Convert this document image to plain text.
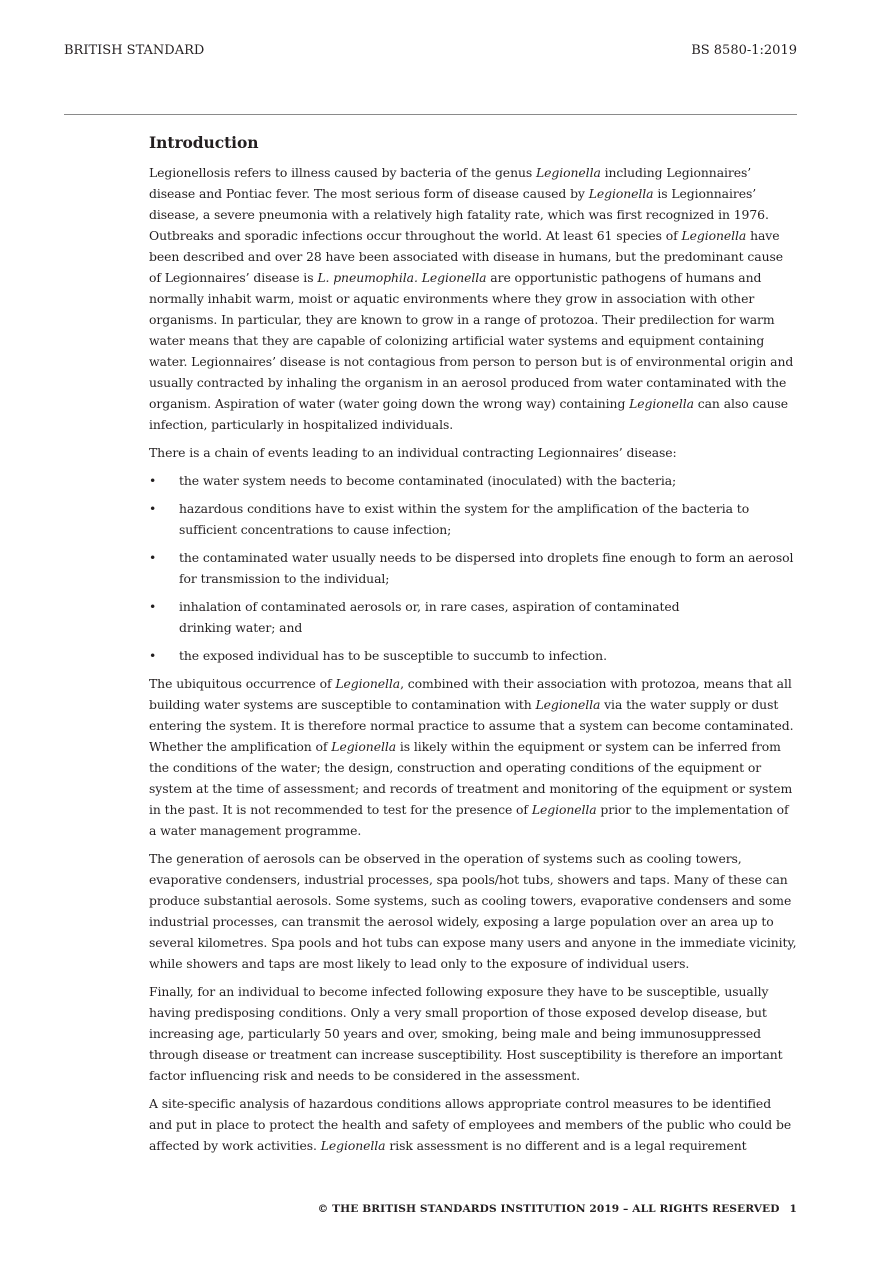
BRITISH STANDARD	BS 8580-1:2019
Introduction

Legionellosis refers to illness caused by bacteria of the genus Legionella including Legionnaires’ disease and Pontiac fever. The most serious form of disease caused by Legionella is Legionnaires’ disease, a severe pneumonia with a relatively high fatality rate, which was first recognized in 1976. Outbreaks and sporadic infections occur throughout the world. At least 61 species of Legionella have been described and over 28 have been associated with disease in humans, but the predominant cause of Legionnaires’ disease is L. pneumophila. Legionella are opportunistic pathogens of humans and normally inhabit warm, moist or aquatic environments where they grow in association with other organisms. In particular, they are known to grow in a range of protozoa. Their predilection for warm water means that they are capable of colonizing artificial water systems and equipment containing water. Legionnaires’ disease is not contagious from person to person but is of environmental origin and usually contracted by inhaling the organism in an aerosol produced from water contaminated with the organism. Aspiration of water (water going down the wrong way) containing Legionella can also cause infection, particularly in hospitalized individuals.

There is a chain of events leading to an individual contracting Legionnaires’ disease:

• the water system needs to become contaminated (inoculated) with the bacteria;
• hazardous conditions have to exist within the system for the amplification of the bacteria to sufficient concentrations to cause infection;
• the contaminated water usually needs to be dispersed into droplets fine enough to form an aerosol for transmission to the individual;
• inhalation of contaminated aerosols or, in rare cases, aspiration of contaminated
drinking water; and
• the exposed individual has to be susceptible to succumb to infection.

The ubiquitous occurrence of Legionella, combined with their association with protozoa, means that all building water systems are susceptible to contamination with Legionella via the water supply or dust entering the system. It is therefore normal practice to assume that a system can become contaminated. Whether the amplification of Legionella is likely within the equipment or system can be inferred from the conditions of the water; the design, construction and operating conditions of the equipment or system at the time of assessment; and records of treatment and monitoring of the equipment or system in the past. It is not recommended to test for the presence of Legionella prior to the implementation of a water management programme.

The generation of aerosols can be observed in the operation of systems such as cooling towers, evaporative condensers, industrial processes, spa pools/hot tubs, showers and taps. Many of these can produce substantial aerosols. Some systems, such as cooling towers, evaporative condensers and some industrial processes, can transmit the aerosol widely, exposing a large population over an area up to several kilometres. Spa pools and hot tubs can expose many users and anyone in the immediate vicinity, while showers and taps are most likely to lead only to the exposure of individual users.

Finally, for an individual to become infected following exposure they have to be susceptible, usually having predisposing conditions. Only a very small proportion of those exposed develop disease, but increasing age, particularly 50 years and over, smoking, being male and being immunosuppressed through disease or treatment can increase susceptibility. Host susceptibility is therefore an important factor influencing risk and needs to be considered in the assessment.

A site-specific analysis of hazardous conditions allows appropriate control measures to be identified and put in place to protect the health and safety of employees and members of the public who could be affected by work activities. Legionella risk assessment is no different and is a legal requirement

© THE BRITISH STANDARDS INSTITUTION 2019 – ALL RIGHTS RESERVED 1
